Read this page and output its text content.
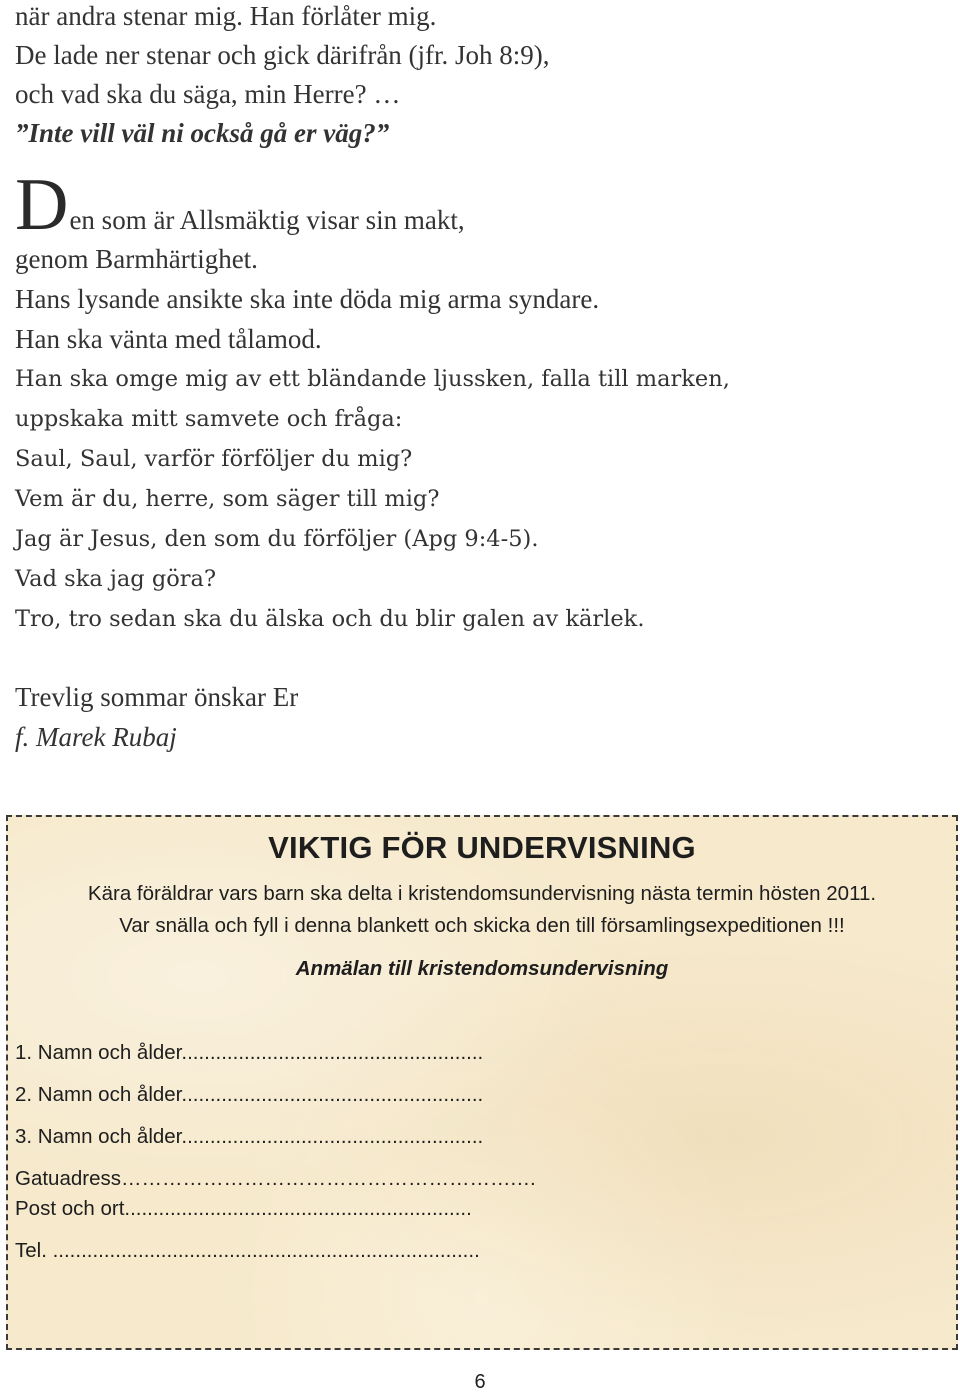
när andra stenar mig. Han förlåter mig.
De lade ner stenar och gick därifrån (jfr. Joh 8:9),
och vad ska du säga, min Herre? …
”Inte vill väl ni också gå er väg?”
Den som är Allsmäktig visar sin makt,
genom Barmhärtighet.
Hans lysande ansikte ska inte döda mig arma syndare.
Han ska vänta med tålamod.
Han ska omge mig av ett bländande ljussken, falla till marken,
uppskaka mitt samvete och fråga:
Saul, Saul, varför förföljer du mig?
Vem är du, herre, som säger till mig?
Jag är Jesus, den som du förföljer (Apg 9:4-5).
Vad ska jag göra?
Tro, tro sedan ska du älska och du blir galen av kärlek.
Trevlig sommar önskar Er
f. Marek Rubaj
VIKTIG FÖR UNDERVISNING
Kära föräldrar vars barn ska delta i kristendomsundervisning nästa termin hösten 2011.
Var snälla och fyll i denna blankett och skicka den till församlingsexpeditionen !!!
Anmälan till kristendomsundervisning
1. Namn och ålder.....................................................
2. Namn och ålder.....................................................
3. Namn och ålder.....................................................
Gatuadress………………………………………………….…
Post och ort.............................................................
Tel. ...........................................................................
6
